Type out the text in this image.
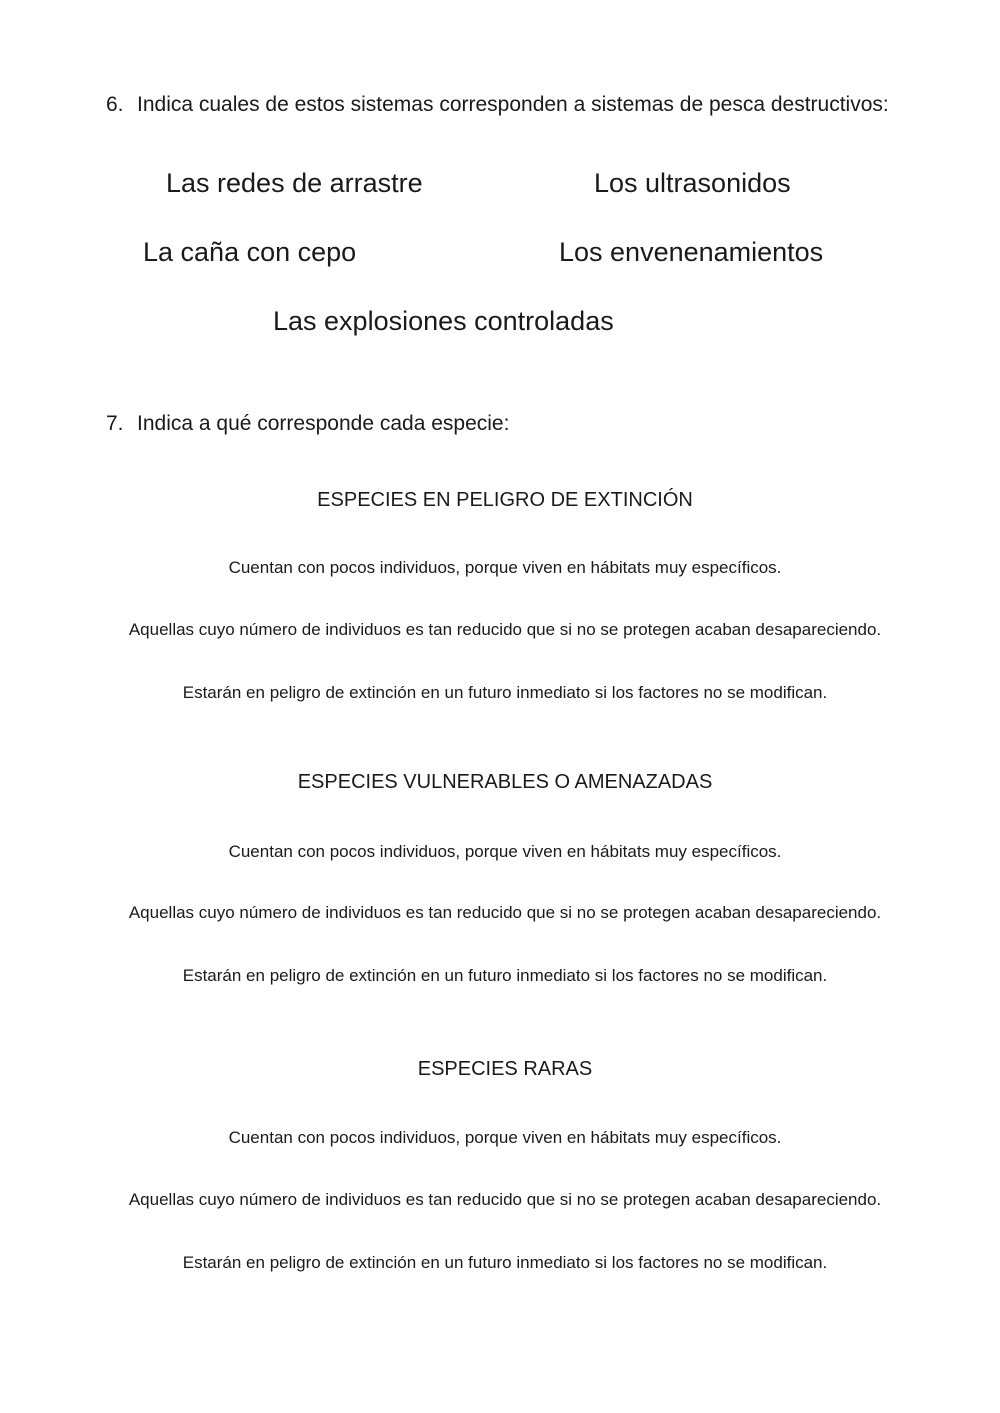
6. Indica cuales de estos sistemas corresponden a sistemas de pesca destructivos:
Las redes de arrastre	Los ultrasonidos
La caña con cepo	Los envenenamientos
Las explosiones controladas
7. Indica a qué corresponde cada especie:
ESPECIES EN PELIGRO DE EXTINCIÓN
Cuentan con pocos individuos, porque viven en hábitats muy específicos.
Aquellas cuyo número de individuos es tan reducido que si no se protegen acaban desapareciendo.
Estarán en peligro de extinción en un futuro inmediato si los factores no se modifican.
ESPECIES VULNERABLES O AMENAZADAS
Cuentan con pocos individuos, porque viven en hábitats muy específicos.
Aquellas cuyo número de individuos es tan reducido que si no se protegen acaban desapareciendo.
Estarán en peligro de extinción en un futuro inmediato si los factores no se modifican.
ESPECIES RARAS
Cuentan con pocos individuos, porque viven en hábitats muy específicos.
Aquellas cuyo número de individuos es tan reducido que si no se protegen acaban desapareciendo.
Estarán en peligro de extinción en un futuro inmediato si los factores no se modifican.
